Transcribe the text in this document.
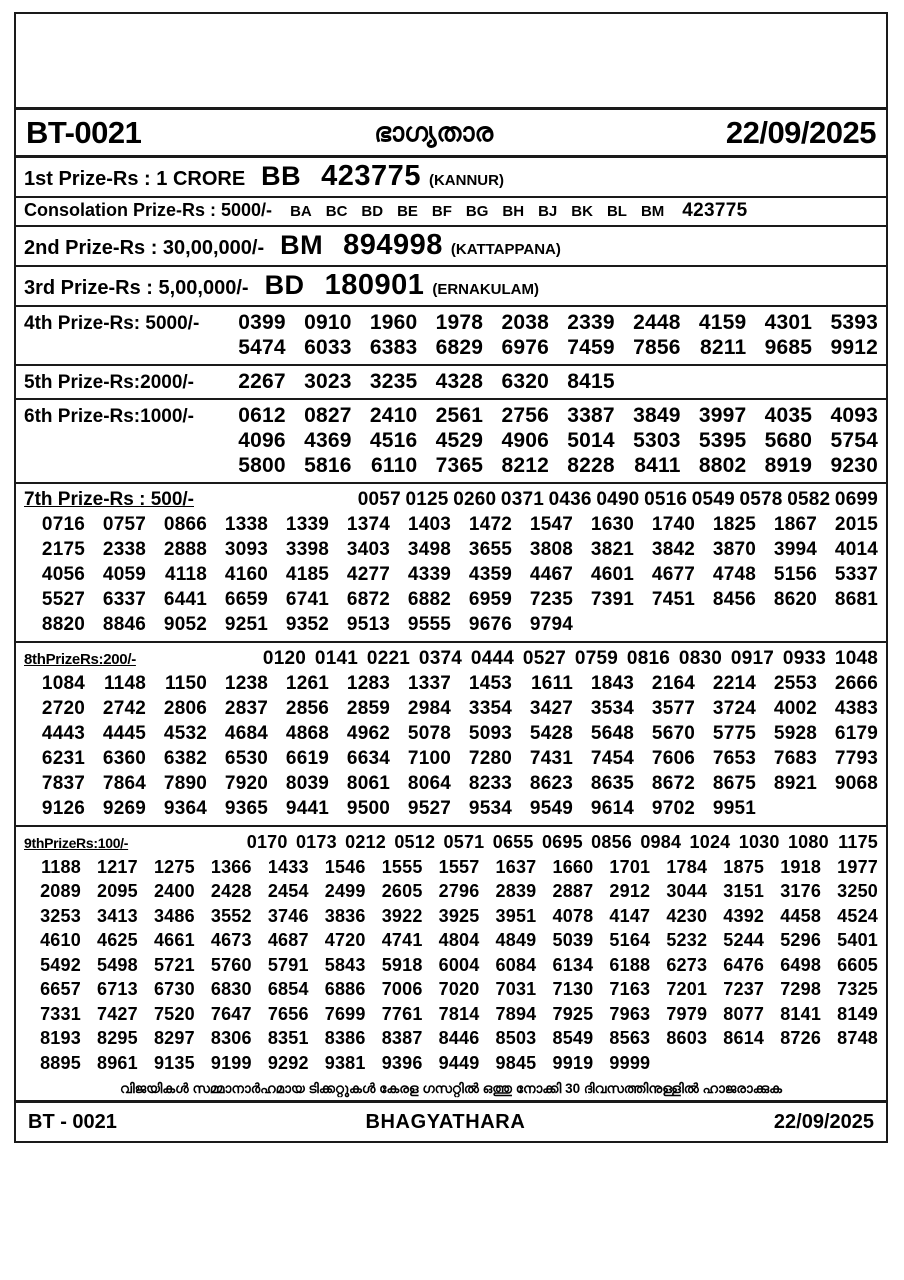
BT-0021	ഭാഗ്യതാര	22/09/2025
1st Prize-Rs : 1 CRORE BB 423775 (KANNUR)
Consolation Prize-Rs : 5000/- BA BC BD BE BF BG BH BJ BK BL BM 423775
2nd Prize-Rs : 30,00,000/- BM 894998 (KATTAPPANA)
3rd Prize-Rs : 5,00,000/- BD 180901 (ERNAKULAM)
4th Prize-Rs: 5000/-	0399 0910 1960 1978 2038 2339 2448 4159 4301 5393
5474 6033 6383 6829 6976 7459 7856 8211 9685 9912
5th Prize-Rs:2000/-	2267 3023 3235 4328 6320 8415
6th Prize-Rs:1000/-	0612 0827 2410 2561 2756 3387 3849 3997 4035 4093
4096 4369 4516 4529 4906 5014 5303 5395 5680 5754
5800 5816 6110 7365 8212 8228 8411 8802 8919 9230
7th Prize-Rs : 500/-

	0057 0125 0260 0371 0436 0490 0516 0549 0578 0582 0699
0716 0757 0866 1338 1339 1374 1403 1472 1547 1630 1740 1825 1867 2015
2175 2338 2888 3093 3398 3403 3498 3655 3808 3821 3842 3870 3994 4014
4056 4059 4118 4160 4185 4277 4339 4359 4467 4601 4677 4748 5156 5337
5527 6337 6441 6659 6741 6872 6882 6959 7235 7391 7451 8456 8620 8681
8820 8846 9052 9251 9352 9513 9555 9676 9794
8thPrizeRs:200/-

	0120 0141 0221 0374 0444 0527 0759 0816 0830 0917 0933 1048
1084 1148 1150 1238 1261 1283 1337 1453 1611 1843 2164 2214 2553 2666
2720 2742 2806 2837 2856 2859 2984 3354 3427 3534 3577 3724 4002 4383
4443 4445 4532 4684 4868 4962 5078 5093 5428 5648 5670 5775 5928 6179
6231 6360 6382 6530 6619 6634 7100 7280 7431 7454 7606 7653 7683 7793
7837 7864 7890 7920 8039 8061 8064 8233 8623 8635 8672 8675 8921 9068
9126 9269 9364 9365 9441 9500 9527 9534 9549 9614 9702 9951
9thPrizeRs:100/-

	0170 0173 0212 0512 0571 0655 0695 0856 0984 1024 1030 1080 1175
1188 1217 1275 1366 1433 1546 1555 1557 1637 1660 1701 1784 1875 1918 1977
2089 2095 2400 2428 2454 2499 2605 2796 2839 2887 2912 3044 3151 3176 3250
3253 3413 3486 3552 3746 3836 3922 3925 3951 4078 4147 4230 4392 4458 4524
4610 4625 4661 4673 4687 4720 4741 4804 4849 5039 5164 5232 5244 5296 5401
5492 5498 5721 5760 5791 5843 5918 6004 6084 6134 6188 6273 6476 6498 6605
6657 6713 6730 6830 6854 6886 7006 7020 7031 7130 7163 7201 7237 7298 7325
7331 7427 7520 7647 7656 7699 7761 7814 7894 7925 7963 7979 8077 8141 8149
8193 8295 8297 8306 8351 8386 8387 8446 8503 8549 8563 8603 8614 8726 8748
8895 8961 9135 9199 9292 9381 9396 9449 9845 9919 9999
വിജയികൾ സമ്മാനാർഹമായ ടിക്കറ്റുകൾ കേരള ഗസറ്റിൽ ഒത്തു നോക്കി 30 ദിവസത്തിനുള്ളിൽ ഹാജരാക്കുക
BT - 0021	BHAGYATHARA	22/09/2025
